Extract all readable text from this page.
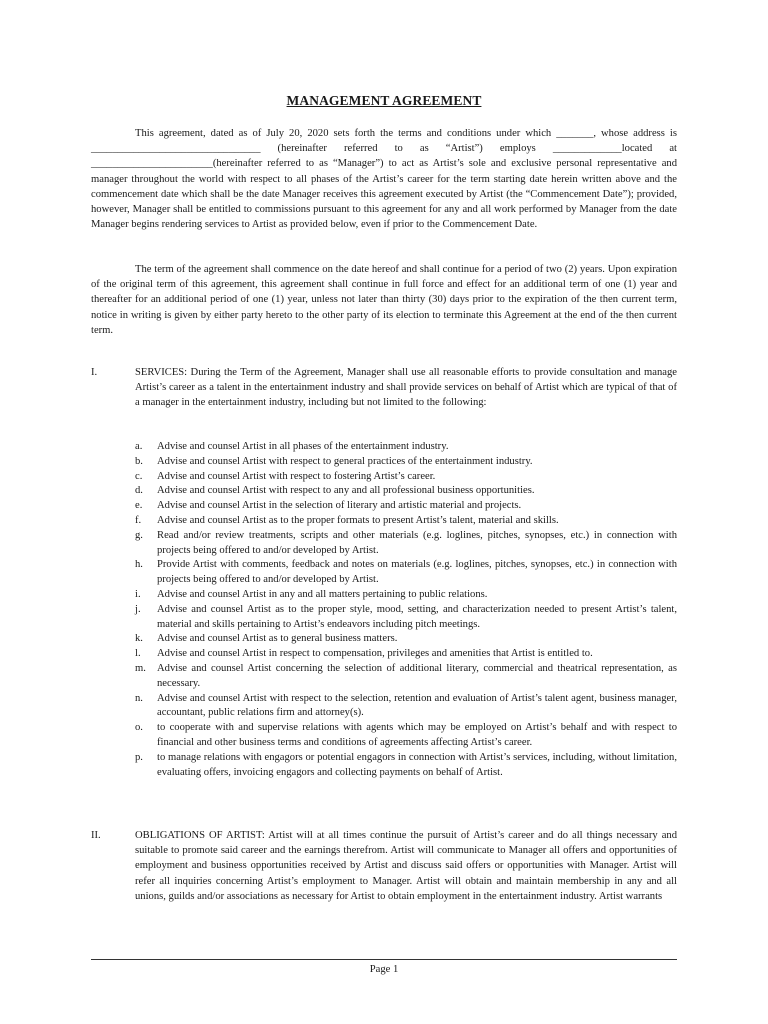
MANAGEMENT AGREEMENT
This agreement, dated as of July 20, 2020 sets forth the terms and conditions under which _______, whose address is ________________________________ (hereinafter referred to as “Artist”) employs _____________located at _______________________(hereinafter referred to as “Manager”) to act as Artist’s sole and exclusive personal representative and manager throughout the world with respect to all phases of the Artist’s career for the term starting date herein written above and the commencement date which shall be the date Manager receives this agreement executed by Artist (the “Commencement Date”); provided, however, Manager shall be entitled to commissions pursuant to this agreement for any and all work performed by Manager from the date Manager begins rendering services to Artist as provided below, even if prior to the Commencement Date.
The term of the agreement shall commence on the date hereof and shall continue for a period of two (2) years. Upon expiration of the original term of this agreement, this agreement shall continue in full force and effect for an additional term of one (1) year and thereafter for an additional period of one (1) year, unless not later than thirty (30) days prior to the expiration of the then current term, notice in writing is given by either party hereto to the other party of its election to terminate this Agreement at the end of the then current term.
I.	SERVICES: During the Term of the Agreement, Manager shall use all reasonable efforts to provide consultation and manage Artist’s career as a talent in the entertainment industry and shall provide services on behalf of Artist which are typical of that of a manager in the entertainment industry, including but not limited to the following:
a. Advise and counsel Artist in all phases of the entertainment industry.
b. Advise and counsel Artist with respect to general practices of the entertainment industry.
c. Advise and counsel Artist with respect to fostering Artist’s career.
d. Advise and counsel Artist with respect to any and all professional business opportunities.
e. Advise and counsel Artist in the selection of literary and artistic material and projects.
f. Advise and counsel Artist as to the proper formats to present Artist’s talent, material and skills.
g. Read and/or review treatments, scripts and other materials (e.g. loglines, pitches, synopses, etc.) in connection with projects being offered to and/or developed by Artist.
h. Provide Artist with comments, feedback and notes on materials (e.g. loglines, pitches, synopses, etc.) in connection with projects being offered to and/or developed by Artist.
i. Advise and counsel Artist in any and all matters pertaining to public relations.
j. Advise and counsel Artist as to the proper style, mood, setting, and characterization needed to present Artist’s talent, material and skills pertaining to Artist’s endeavors including pitch meetings.
k. Advise and counsel Artist as to general business matters.
l. Advise and counsel Artist in respect to compensation, privileges and amenities that Artist is entitled to.
m. Advise and counsel Artist concerning the selection of additional literary, commercial and theatrical representation, as necessary.
n. Advise and counsel Artist with respect to the selection, retention and evaluation of Artist’s talent agent, business manager, accountant, public relations firm and attorney(s).
o. to cooperate with and supervise relations with agents which may be employed on Artist’s behalf and with respect to financial and other business terms and conditions of agreements affecting Artist’s career.
p. to manage relations with engagors or potential engagors in connection with Artist’s services, including, without limitation, evaluating offers, invoicing engagors and collecting payments on behalf of Artist.
II.	OBLIGATIONS OF ARTIST: Artist will at all times continue the pursuit of Artist’s career and do all things necessary and suitable to promote said career and the earnings therefrom. Artist will communicate to Manager all offers and opportunities of employment and business opportunities received by Artist and discuss said offers or opportunities with Manager. Artist will refer all inquiries concerning Artist’s employment to Manager. Artist will obtain and maintain membership in any and all unions, guilds and/or associations as necessary for Artist to obtain employment in the entertainment industry. Artist warrants
Page 1
